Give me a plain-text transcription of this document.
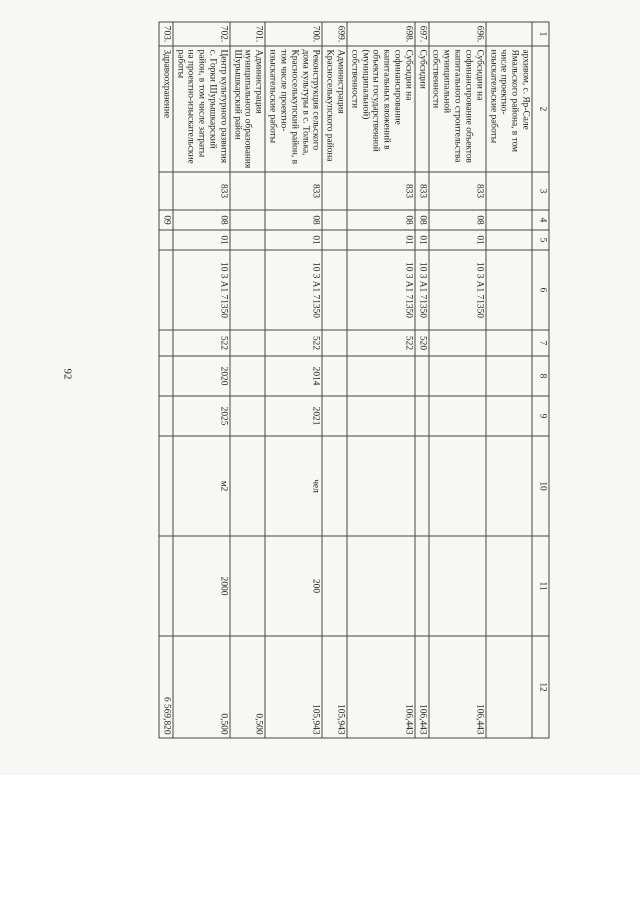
92
1	2	3	4	5	6	7	8	9	10	11	12
	архивом, с. Яр-Сале Ямальского района, в том числе проектно-изыскательские работы										
696.	Субсидии на софинансирование объектов капитального строительства муниципальной собственности	833	08	01	10 3 А1 71350						106,443
697.	Субсидии	833	08	01	10 3 А1 71350	520					106,443
698.	Субсидии на софинансирование капитальных вложений в объекты государственной (муниципальной) собственности	833	08	01	10 3 А1 71350	522					106,443
699.	Администрация Красноселькупского района										105,943
700.	Реконструкция сельского дома культуры в с. Толька, Красноселькупский район, в том числе проектно-изыскательские работы	833	08	01	10 3 А1 71350	522	2014	2021	чел	200	105,943
701.	Администрация муниципального образования Шурышкарский район										0,500
702.	Центр культурного развития с. Горки Шурышкарский район, в том числе затраты на проектно-изыскательские работы	833	08	01	10 3 А1 71350	522	2020	2025	м2	2000	0,500
703.	Здравоохранение		09								6 569,820
